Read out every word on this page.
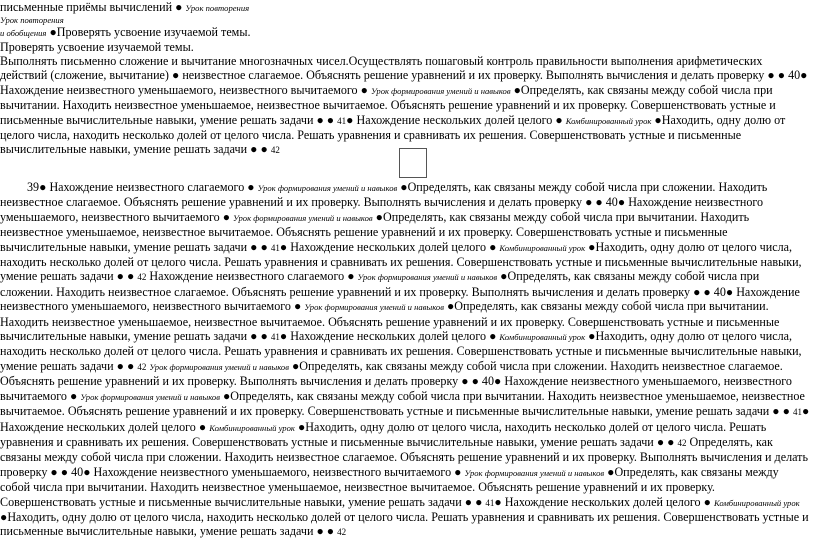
письменные приёмы вычислений ● Урок повторения
Урок повторения
и обобщения ●Проверять усвоение изучаемой темы.
Проверять усвоение изучаемой темы.
Выполнять письменно сложение и вычитание многозначных чисел.Осуществлять пошаговый контроль правильности выполнения арифметических действий (сложение, вычитание) ● неизвестное слагаемое. Объяснять решение уравнений и их проверку. Выполнять вычисления и делать проверку ● ● 40● Нахождение неизвестного уменьшаемого, неизвестного вычитаемого ● Урок формирования умений и навыков ●Определять, как связаны между собой числа при вычитании. Находить неизвестное уменьшаемое, неизвестное вычитаемое. Объяснять решение уравнений и их проверку. Совершенствовать устные и письменные вычислительные навыки, умение решать задачи ● ● 41● Нахождение нескольких долей целого ● Комбинированный урок ●Находить, одну долю от целого числа, находить несколько долей от целого числа. Решать уравнения и сравнивать их решения. Совершенствовать устные и письменные вычислительные навыки, умение решать задачи ● ● 42
39● Нахождение неизвестного слагаемого ● Урок формирования умений и навыков ●Определять, как связаны между собой числа при сложении. Находить неизвестное слагаемое. Объяснять решение уравнений и их проверку. Выполнять вычисления и делать проверку ● ● 40● Нахождение неизвестного уменьшаемого, неизвестного вычитаемого ● Урок формирования умений и навыков ●Определять, как связаны между собой числа при вычитании. Находить неизвестное уменьшаемое, неизвестное вычитаемое. Объяснять решение уравнений и их проверку. Совершенствовать устные и письменные вычислительные навыки, умение решать задачи ● ● 41● Нахождение нескольких долей целого ● Комбинированный урок ●Находить, одну долю от целого числа, находить несколько долей от целого числа. Решать уравнения и сравнивать их решения. Совершенствовать устные и письменные вычислительные навыки, умение решать задачи ● ● 42 Нахождение неизвестного слагаемого ● Урок формирования умений и навыков ●Определять, как связаны между собой числа при сложении. Находить неизвестное слагаемое. Объяснять решение уравнений и их проверку. Выполнять вычисления и делать проверку ● ● 40● Нахождение неизвестного уменьшаемого, неизвестного вычитаемого ● Урок формирования умений и навыков ●Определять, как связаны между собой числа при вычитании. Находить неизвестное уменьшаемое, неизвестное вычитаемое. Объяснять решение уравнений и их проверку. Совершенствовать устные и письменные вычислительные навыки, умение решать задачи ● ● 41● Нахождение нескольких долей целого ● Комбинированный урок ●Находить, одну долю от целого числа, находить несколько долей от целого числа. Решать уравнения и сравнивать их решения. Совершенствовать устные и письменные вычислительные навыки, умение решать задачи ● ● 42 Урок формирования умений и навыков ●Определять, как связаны между собой числа при сложении. Находить неизвестное слагаемое. Объяснять решение уравнений и их проверку. Выполнять вычисления и делать проверку ● ● 40● Нахождение неизвестного уменьшаемого, неизвестного вычитаемого ● Урок формирования умений и навыков ●Определять, как связаны между собой числа при вычитании. Находить неизвестное уменьшаемое, неизвестное вычитаемое. Объяснять решение уравнений и их проверку. Совершенствовать устные и письменные вычислительные навыки, умение решать задачи ● ● 41● Нахождение нескольких долей целого ● Комбинированный урок ●Находить, одну долю от целого числа, находить несколько долей от целого числа. Решать уравнения и сравнивать их решения. Совершенствовать устные и письменные вычислительные навыки, умение решать задачи ● ● 42 Определять, как связаны между собой числа при сложении. Находить неизвестное слагаемое. Объяснять решение уравнений и их проверку. Выполнять вычисления и делать проверку ● ● 40● Нахождение неизвестного уменьшаемого, неизвестного вычитаемого ● Урок формирования умений и навыков ●Определять, как связаны между собой числа при вычитании. Находить неизвестное уменьшаемое, неизвестное вычитаемое. Объяснять решение уравнений и их проверку. Совершенствовать устные и письменные вычислительные навыки, умение решать задачи ● ● 41● Нахождение нескольких долей целого ● Комбинированный урок ●Находить, одну долю от целого числа, находить несколько долей от целого числа. Решать уравнения и сравнивать их решения. Совершенствовать устные и письменные вычислительные навыки, умение решать задачи ● ● 42
